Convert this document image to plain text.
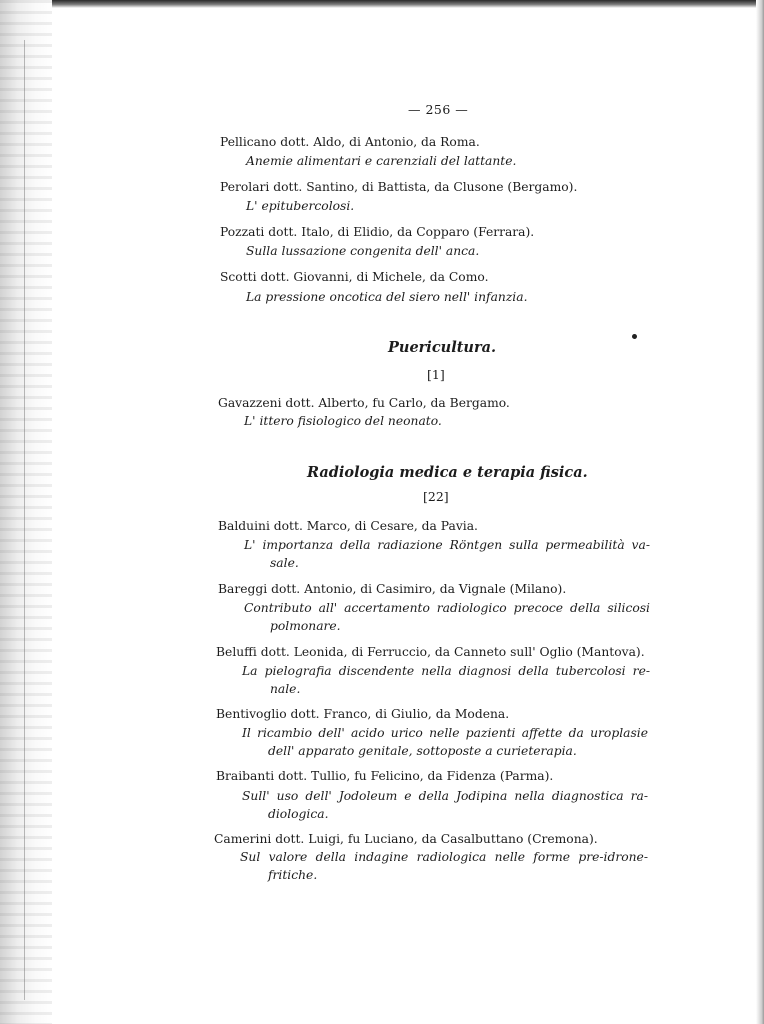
— 256 —
Pellicano dott. Aldo, di Antonio, da Roma.
Anemie alimentari e carenziali del lattante.
Perolari dott. Santino, di Battista, da Clusone (Bergamo).
L' epitubercolosi.
Pozzati dott. Italo, di Elidio, da Copparo (Ferrara).
Sulla lussazione congenita dell' anca.
Scotti dott. Giovanni, di Michele, da Como.
La pressione oncotica del siero nell' infanzia.
Puericultura.
[1]
Gavazzeni dott. Alberto, fu Carlo, da Bergamo.
L' ittero fisiologico del neonato.
Radiologia medica e terapia fisica.
[22]
Balduini dott. Marco, di Cesare, da Pavia.
L' importanza della radiazione Röntgen sulla permeabilità va-
sale.
Bareggi dott. Antonio, di Casimiro, da Vignale (Milano).
Contributo all' accertamento radiologico precoce della silicosi
polmonare.
Beluffi dott. Leonida, di Ferruccio, da Canneto sull' Oglio (Mantova).
La pielografia discendente nella diagnosi della tubercolosi re-
nale.
Bentivoglio dott. Franco, di Giulio, da Modena.
Il ricambio dell' acido urico nelle pazienti affette da uroplasie
dell' apparato genitale, sottoposte a curieterapia.
Braibanti dott. Tullio, fu Felicino, da Fidenza (Parma).
Sull' uso dell' Jodoleum e della Jodipina nella diagnostica ra-
diologica.
Camerini dott. Luigi, fu Luciano, da Casalbuttano (Cremona).
Sul valore della indagine radiologica nelle forme pre-idrone-
fritiche.
